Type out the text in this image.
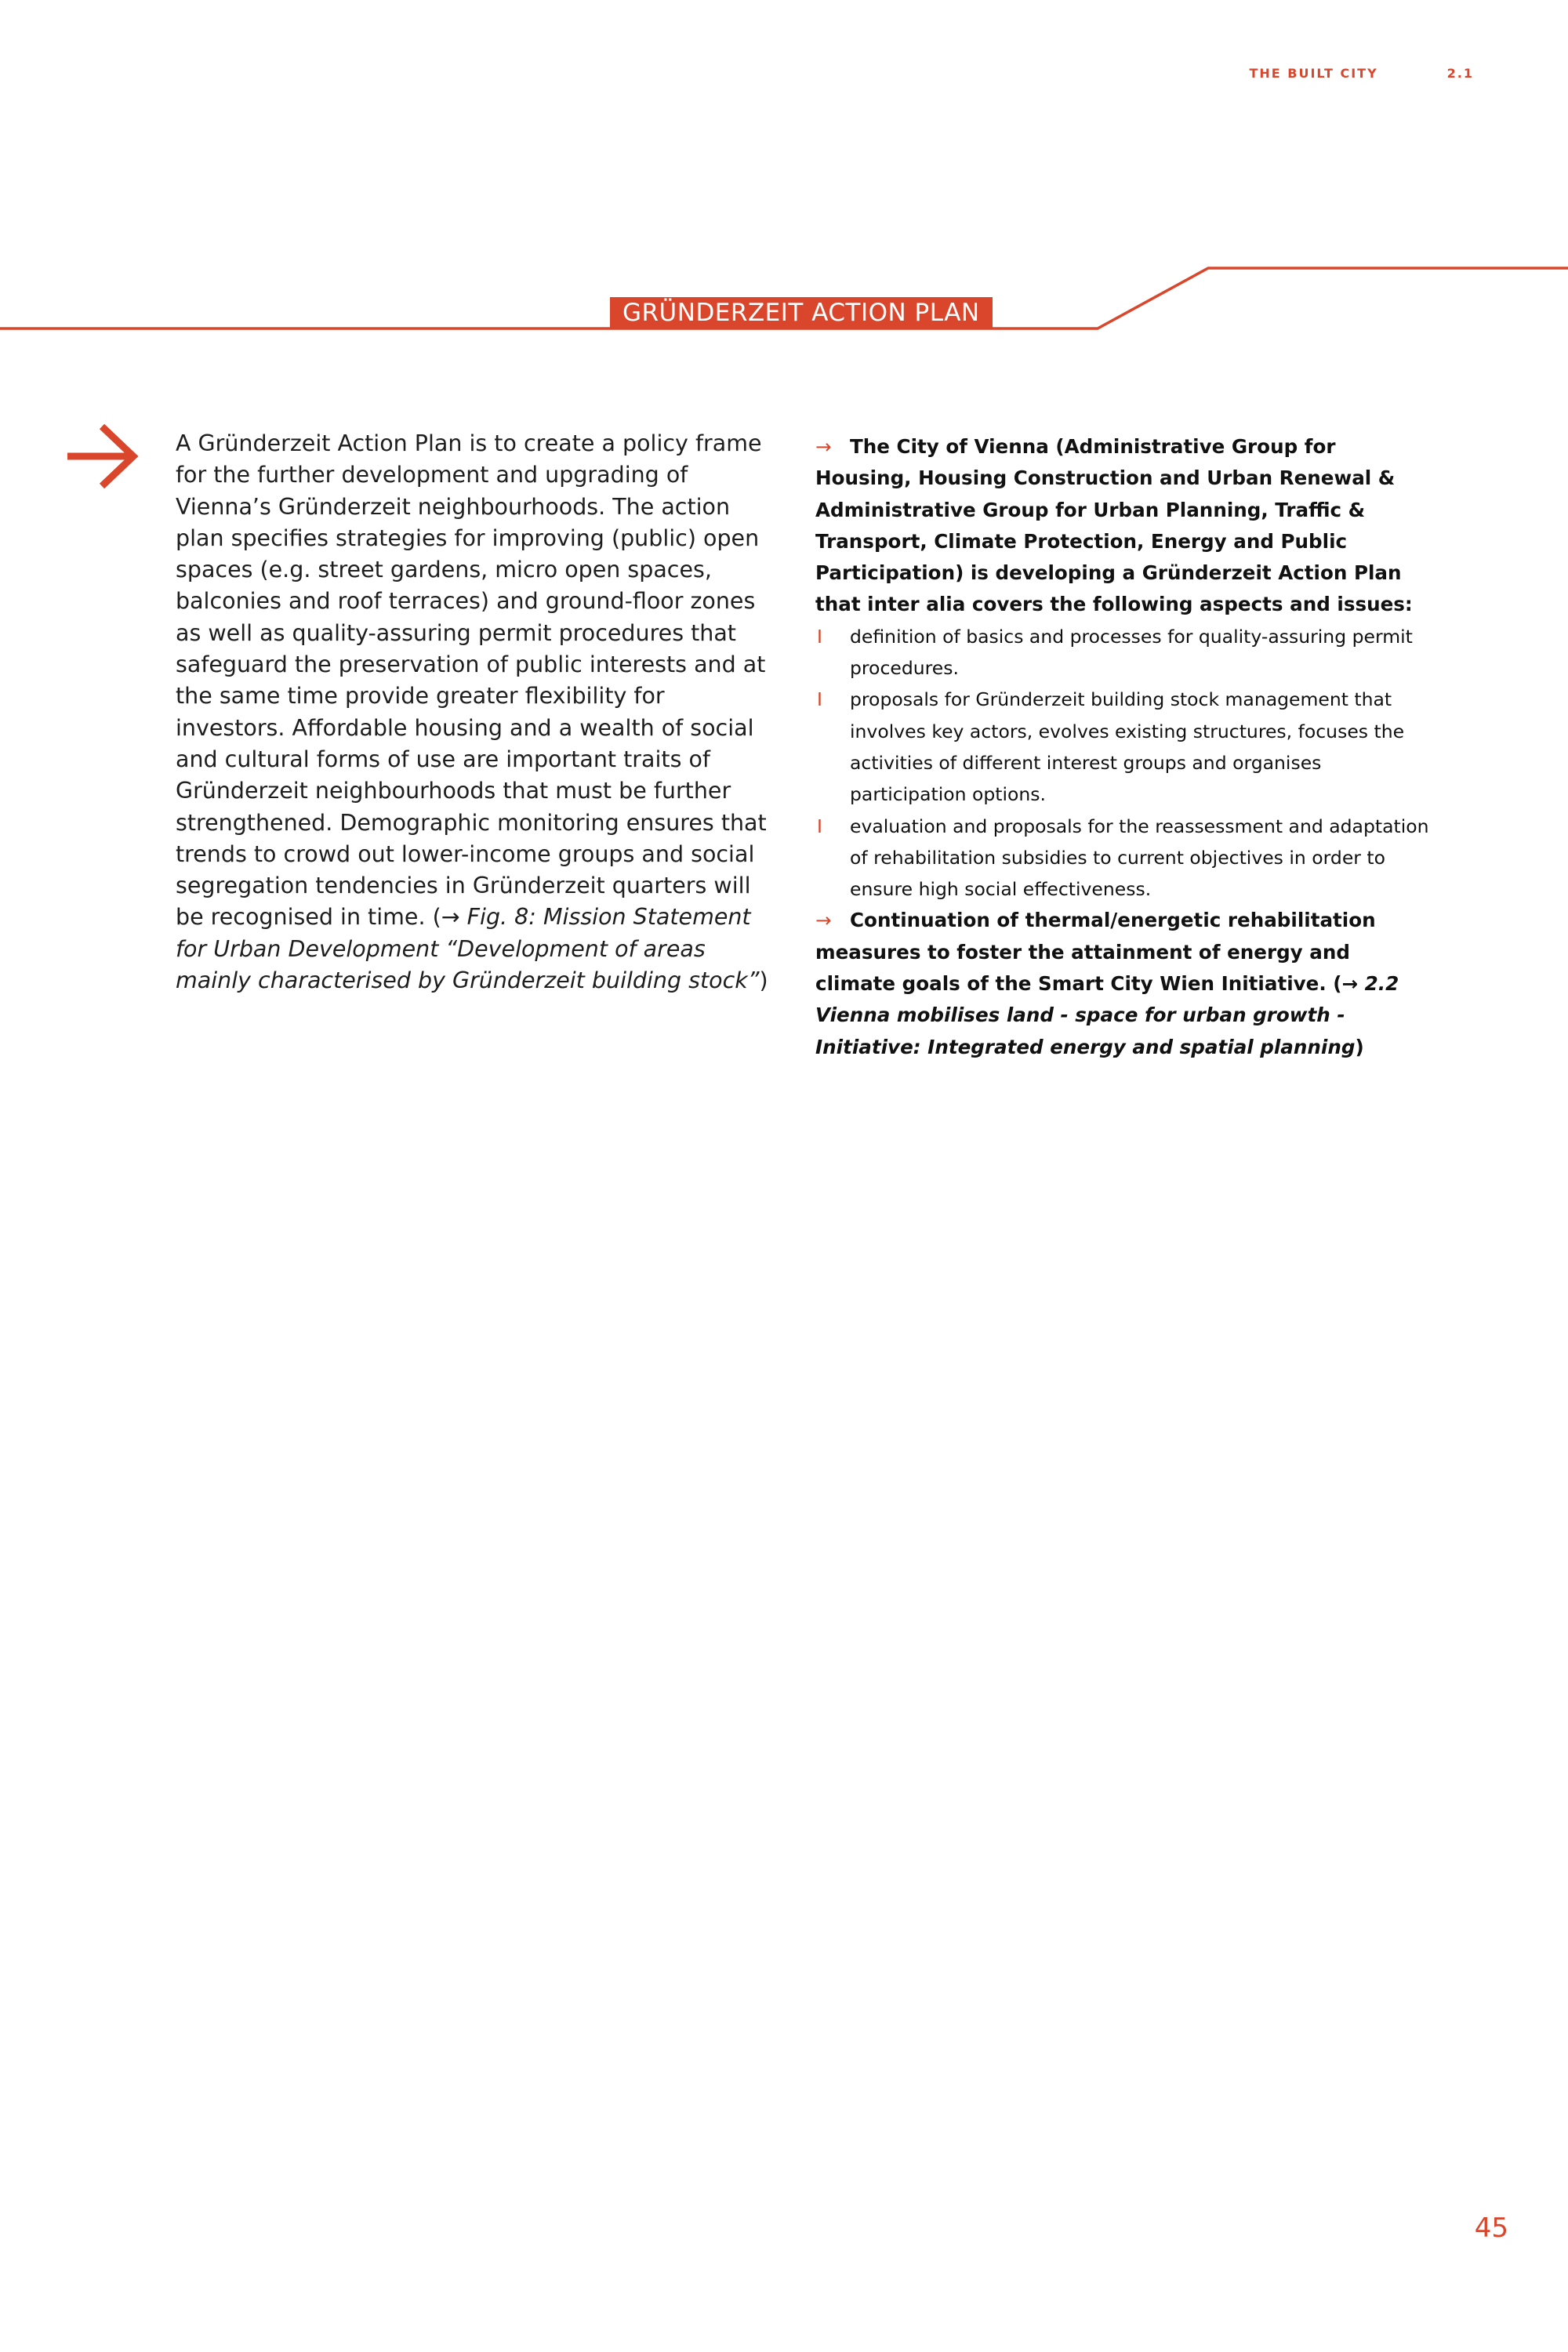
THE BUILT CITY	2.1
GRÜNDERZEIT ACTION PLAN

A Gründerzeit Action Plan is to create a policy frame for the further development and upgrading of Vienna’s Gründerzeit neighbourhoods. The action plan specifies strategies for improving (public) open spaces (e.g. street gardens, micro open spaces, balconies and roof terraces) and ground-floor zones as well as quality-assuring permit procedures that safeguard the preservation of public interests and at the same time provide greater flexibility for investors. Affordable housing and a wealth of social and cultural forms of use are important traits of Gründerzeit neighbourhoods that must be further strengthened. Demographic monitoring ensures that trends to crowd out lower-income groups and social segregation tendencies in Gründerzeit quarters will be recognised in time. (→ Fig. 8: Mission Statement for Urban Development “Development of areas mainly characterised by Gründerzeit building stock”)

→ The City of Vienna (Administrative Group for Housing, Housing Construction and Urban Renewal & Administrative Group for Urban Planning, Traffic & Transport, Climate Protection, Energy and Public Participation) is developing a Gründerzeit Action Plan that inter alia covers the following aspects and issues:

I definition of basics and processes for quality-assuring permit procedures.
I proposals for Gründerzeit building stock management that involves key actors, evolves existing structures, focuses the activities of different interest groups and organises participation options.
I evaluation and proposals for the reassessment and adaptation of rehabilitation subsidies to current objectives in order to ensure high social effectiveness.

→ Continuation of thermal/energetic rehabilitation measures to foster the attainment of energy and climate goals of the Smart City Wien Initiative. (→ 2.2 Vienna mobilises land - space for urban growth - Initiative: Integrated energy and spatial planning)

45
